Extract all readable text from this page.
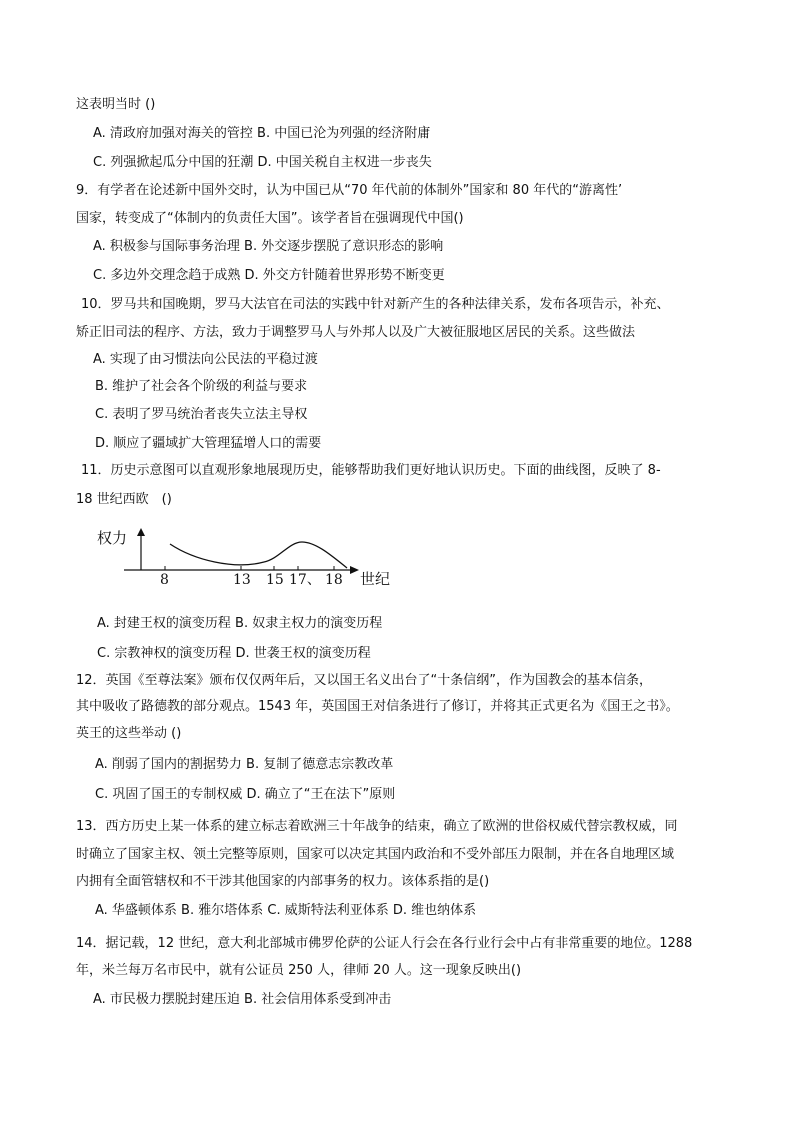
这表明当时 ()
A. 清政府加强对海关的管控 B. 中国已沦为列强的经济附庸
C. 列强掀起瓜分中国的狂潮 D. 中国关税自主权进一步丧失
9．有学者在论述新中国外交时，认为中国已从“70 年代前的体制外”国家和 80 年代的“游离性’
国家，转变成了“体制内的负责任大国”。该学者旨在强调现代中国()
A. 积极参与国际事务治理 B. 外交逐步摆脱了意识形态的影响
C. 多边外交理念趋于成熟 D. 外交方针随着世界形势不断变更
10．罗马共和国晚期，罗马大法官在司法的实践中针对新产生的各种法律关系，发布各项告示，补充、
矫正旧司法的程序、方法，致力于调整罗马人与外邦人以及广大被征服地区居民的关系。这些做法
A. 实现了由习惯法向公民法的平稳过渡
B. 维护了社会各个阶级的利益与要求
C. 表明了罗马统治者丧失立法主导权
D. 顺应了疆域扩大管理猛增人口的需要
11．历史示意图可以直观形象地展现历史，能够帮助我们更好地认识历史。下面的曲线图，反映了 8-
18 世纪西欧　()
权力
世纪
8	13 15 17、 18
A. 封建王权的演变历程 B. 奴隶主权力的演变历程
C. 宗教神权的演变历程 D. 世袭王权的演变历程
12．英国《至尊法案》颁布仅仅两年后，又以国王名义出台了“十条信纲”，作为国教会的基本信条，
其中吸收了路德教的部分观点。1543 年，英国国王对信条进行了修订，并将其正式更名为《国王之书》。
英王的这些举动 ()
A. 削弱了国内的割据势力 B. 复制了德意志宗教改革
C. 巩固了国王的专制权威 D. 确立了“王在法下”原则
13．西方历史上某一体系的建立标志着欧洲三十年战争的结束，确立了欧洲的世俗权威代替宗教权威，同
时确立了国家主权、领土完整等原则，国家可以决定其国内政治和不受外部压力限制，并在各自地理区域
内拥有全面管辖权和不干涉其他国家的内部事务的权力。该体系指的是()
A. 华盛顿体系 B. 雅尔塔体系 C. 威斯特法利亚体系 D. 维也纳体系
14．据记载，12 世纪，意大利北部城市佛罗伦萨的公证人行会在各行业行会中占有非常重要的地位。1288
年，米兰每万名市民中，就有公证员 250 人，律师 20 人。这一现象反映出()
A. 市民极力摆脱封建压迫 B. 社会信用体系受到冲击
